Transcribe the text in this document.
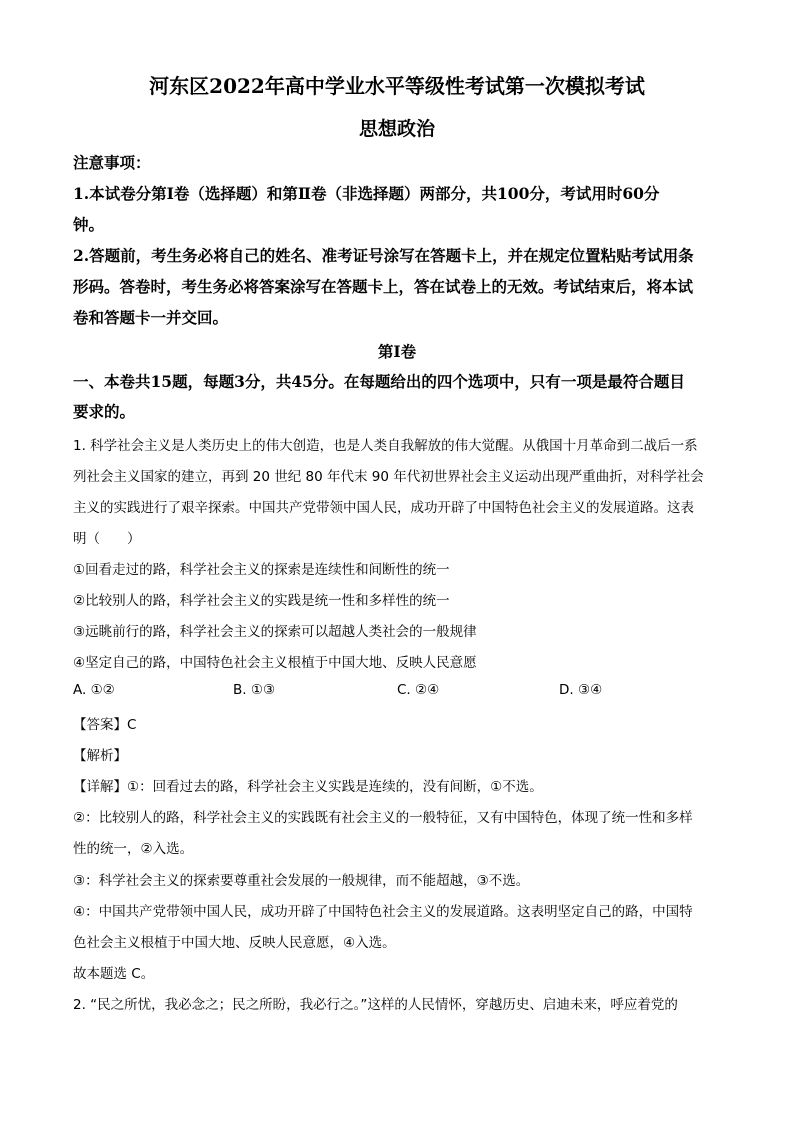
河东区2022年高中学业水平等级性考试第一次模拟考试
思想政治
注意事项：
1.本试卷分第Ⅰ卷（选择题）和第Ⅱ卷（非选择题）两部分，共100分，考试用时60分
钟。
2.答题前，考生务必将自己的姓名、准考证号涂写在答题卡上，并在规定位置粘贴考试用条
形码。答卷时，考生务必将答案涂写在答题卡上，答在试卷上的无效。考试结束后，将本试
卷和答题卡一并交回。
第Ⅰ卷
一、本卷共15题，每题3分，共45分。在每题给出的四个选项中，只有一项是最符合题目
要求的。
1. 科学社会主义是人类历史上的伟大创造，也是人类自我解放的伟大觉醒。从俄国十月革命到二战后一系
列社会主义国家的建立，再到 20 世纪 80 年代末 90 年代初世界社会主义运动出现严重曲折，对科学社会
主义的实践进行了艰辛探索。中国共产党带领中国人民，成功开辟了中国特色社会主义的发展道路。这表
明（　　）
①回看走过的路，科学社会主义的探索是连续性和间断性的统一
②比较别人的路，科学社会主义的实践是统一性和多样性的统一
③远眺前行的路，科学社会主义的探索可以超越人类社会的一般规律
④坚定自己的路，中国特色社会主义根植于中国大地、反映人民意愿
A. ①②	B. ①③	C. ②④	D. ③④
【答案】C
【解析】
【详解】①：回看过去的路，科学社会主义实践是连续的，没有间断，①不选。
②：比较别人的路，科学社会主义的实践既有社会主义的一般特征，又有中国特色，体现了统一性和多样
性的统一，②入选。
③：科学社会主义的探索要尊重社会发展的一般规律，而不能超越，③不选。
④：中国共产党带领中国人民，成功开辟了中国特色社会主义的发展道路。这表明坚定自己的路，中国特
色社会主义根植于中国大地、反映人民意愿，④入选。
故本题选 C。
2. “民之所忧，我必念之；民之所盼，我必行之。”这样的人民情怀，穿越历史、启迪未来，呼应着党的
